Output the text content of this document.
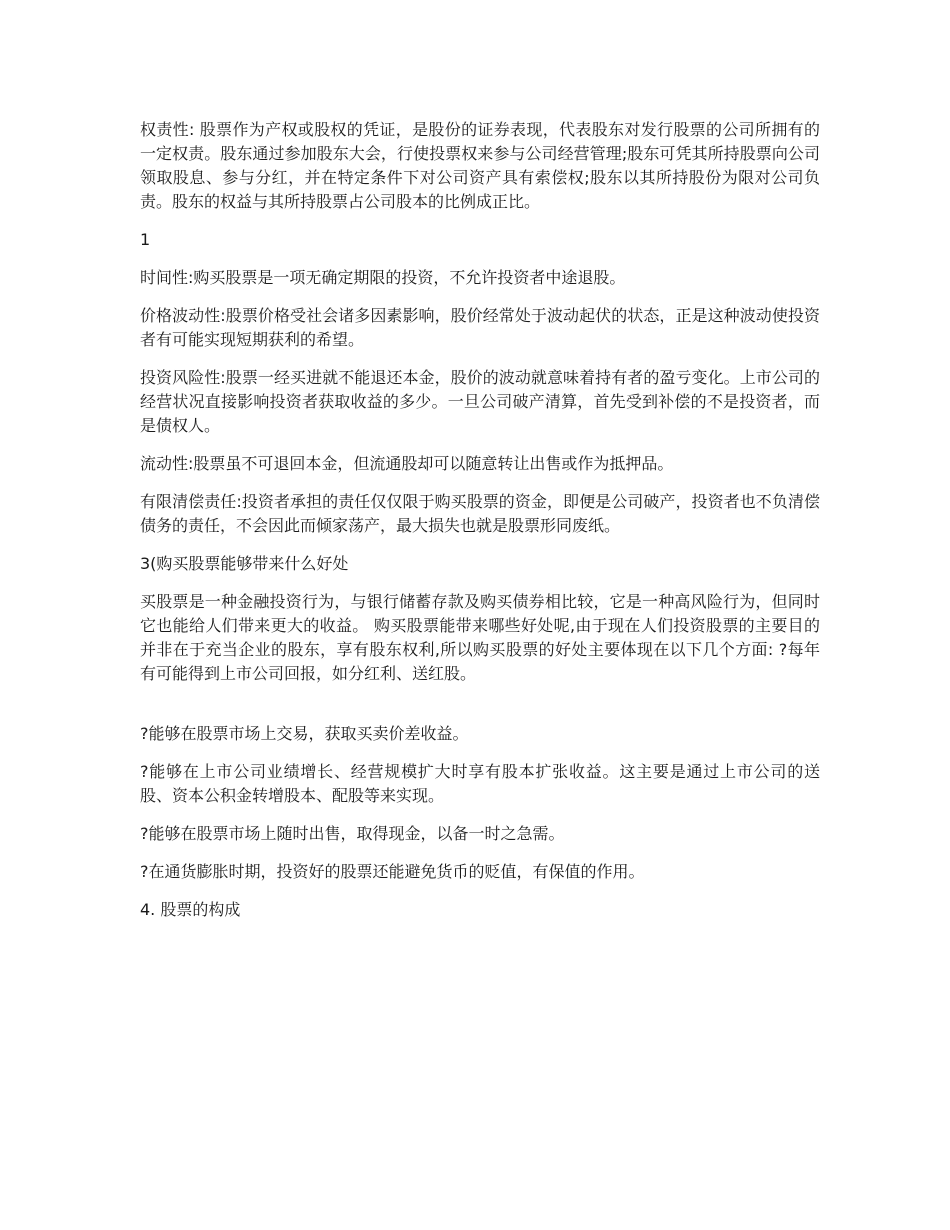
权责性: 股票作为产权或股权的凭证，是股份的证券表现，代表股东对发行股票的公司所拥有的一定权责。股东通过参加股东大会，行使投票权来参与公司经营管理;股东可凭其所持股票向公司领取股息、参与分红，并在特定条件下对公司资产具有索偿权;股东以其所持股份为限对公司负责。股东的权益与其所持股票占公司股本的比例成正比。

1

时间性:购买股票是一项无确定期限的投资，不允许投资者中途退股。

价格波动性:股票价格受社会诸多因素影响，股价经常处于波动起伏的状态，正是这种波动使投资者有可能实现短期获利的希望。

投资风险性:股票一经买进就不能退还本金，股价的波动就意味着持有者的盈亏变化。上市公司的经营状况直接影响投资者获取收益的多少。一旦公司破产清算，首先受到补偿的不是投资者，而是债权人。

流动性:股票虽不可退回本金，但流通股却可以随意转让出售或作为抵押品。

有限清偿责任:投资者承担的责任仅仅限于购买股票的资金，即便是公司破产，投资者也不负清偿债务的责任，不会因此而倾家荡产，最大损失也就是股票形同废纸。

3(购买股票能够带来什么好处

买股票是一种金融投资行为，与银行储蓄存款及购买债券相比较，它是一种高风险行为，但同时它也能给人们带来更大的收益。 购买股票能带来哪些好处呢,由于现在人们投资股票的主要目的并非在于充当企业的股东，享有股东权利,所以购买股票的好处主要体现在以下几个方面: ?每年有可能得到上市公司回报，如分红利、送红股。

?能够在股票市场上交易，获取买卖价差收益。

?能够在上市公司业绩增长、经营规模扩大时享有股本扩张收益。这主要是通过上市公司的送股、资本公积金转增股本、配股等来实现。

?能够在股票市场上随时出售，取得现金，以备一时之急需。

?在通货膨胀时期，投资好的股票还能避免货币的贬值，有保值的作用。

4. 股票的构成
